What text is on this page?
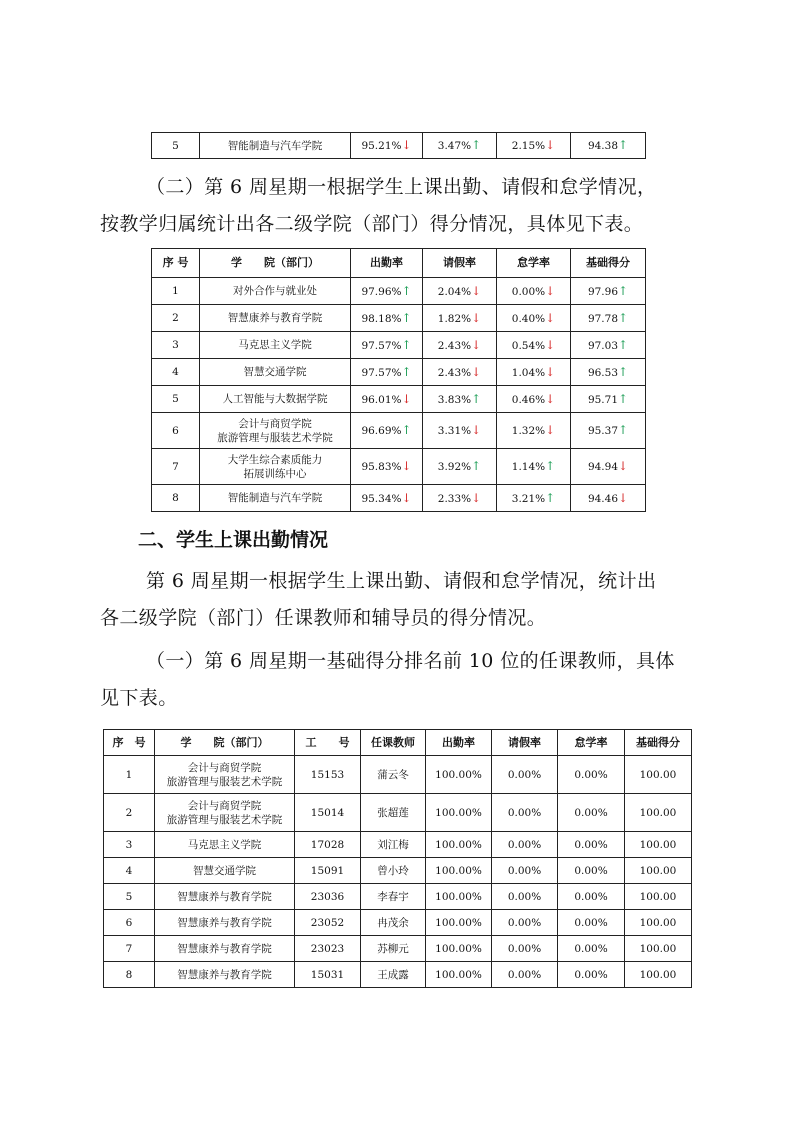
5	智能制造与汽车学院	95.21%↓	3.47%↑	2.15%↓	94.38↑
（二）第 6 周星期一根据学生上课出勤、请假和怠学情况，
按教学归属统计出各二级学院（部门）得分情况，具体见下表。
序 号	学　　院（部门）	出勤率	请假率	怠学率	基础得分
1	对外合作与就业处	97.96%↑	2.04%↓	0.00%↓	97.96↑
2	智慧康养与教育学院	98.18%↑	1.82%↓	0.40%↓	97.78↑
3	马克思主义学院	97.57%↑	2.43%↓	0.54%↓	97.03↑
4	智慧交通学院	97.57%↑	2.43%↓	1.04%↓	96.53↑
5	人工智能与大数据学院	96.01%↓	3.83%↑	0.46%↓	95.71↑
6	会计与商贸学院
旅游管理与服装艺术学院	96.69%↑	3.31%↓	1.32%↓	95.37↑
7	大学生综合素质能力
拓展训练中心	95.83%↓	3.92%↑	1.14%↑	94.94↓
8	智能制造与汽车学院	95.34%↓	2.33%↓	3.21%↑	94.46↓
二、学生上课出勤情况
第 6 周星期一根据学生上课出勤、请假和怠学情况，统计出
各二级学院（部门）任课教师和辅导员的得分情况。
（一）第 6 周星期一基础得分排名前 10 位的任课教师，具体
见下表。
序　号	学　　院（部门）	工　　号	任课教师	出勤率	请假率	怠学率	基础得分
1	会计与商贸学院
旅游管理与服装艺术学院	15153	蒲云冬	100.00%	0.00%	0.00%	100.00
2	会计与商贸学院
旅游管理与服装艺术学院	15014	张超莲	100.00%	0.00%	0.00%	100.00
3	马克思主义学院	17028	刘江梅	100.00%	0.00%	0.00%	100.00
4	智慧交通学院	15091	曾小玲	100.00%	0.00%	0.00%	100.00
5	智慧康养与教育学院	23036	李春宇	100.00%	0.00%	0.00%	100.00
6	智慧康养与教育学院	23052	冉茂余	100.00%	0.00%	0.00%	100.00
7	智慧康养与教育学院	23023	苏柳元	100.00%	0.00%	0.00%	100.00
8	智慧康养与教育学院	15031	王成露	100.00%	0.00%	0.00%	100.00
